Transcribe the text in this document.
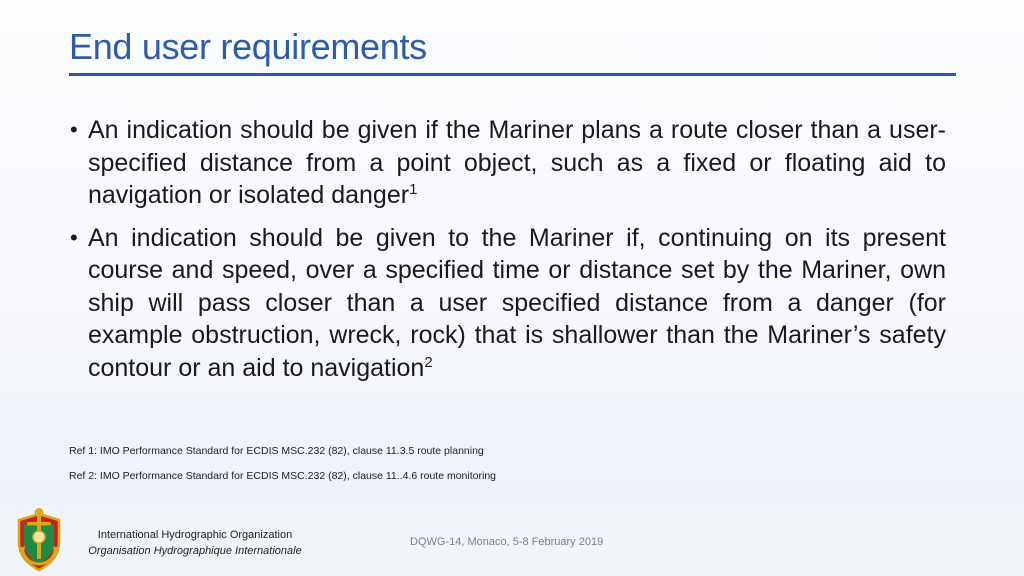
End user requirements
• An indication should be given if the Mariner plans a route closer than a user-specified distance from a point object, such as a fixed or floating aid to navigation or isolated danger$^1$
• An indication should be given to the Mariner if, continuing on its present course and speed, over a specified time or distance set by the Mariner, own ship will pass closer than a user specified distance from a danger (for example obstruction, wreck, rock) that is shallower than the Mariner’s safety contour or an aid to navigation$^2$
Ref 1: IMO Performance Standard for ECDIS MSC.232 (82), clause 11.3.5 route planning
Ref 2: IMO Performance Standard for ECDIS MSC.232 (82), clause 11..4.6 route monitoring
International Hydrographic Organization
Organisation Hydrographique Internationale
DQWG-14, Monaco, 5-8 February 2019
